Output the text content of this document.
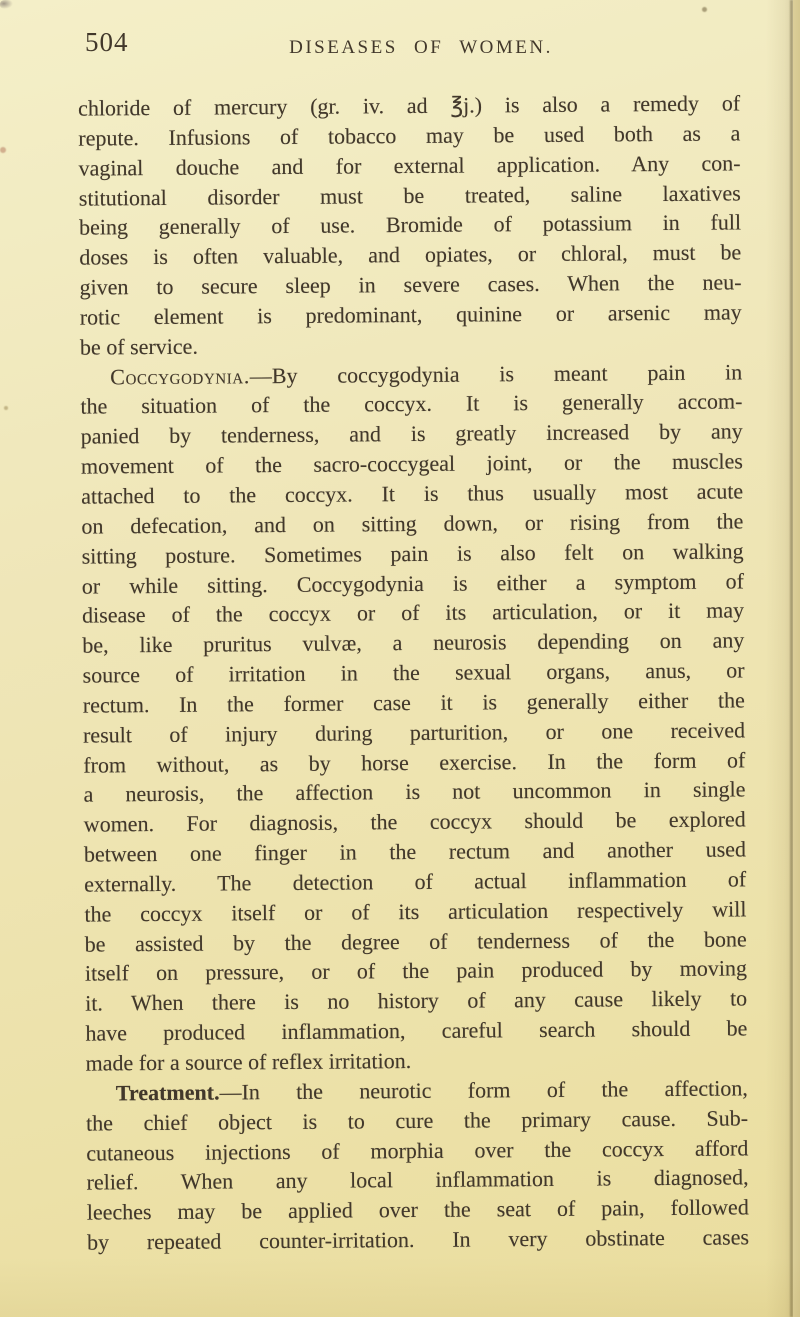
504	DISEASES OF WOMEN.
chloride of mercury (gr. iv. ad ℥j.) is also a remedy of
repute. Infusions of tobacco may be used both as a
vaginal douche and for external application. Any con-
stitutional disorder must be treated, saline laxatives
being generally of use. Bromide of potassium in full
doses is often valuable, and opiates, or chloral, must be
given to secure sleep in severe cases. When the neu-
rotic element is predominant, quinine or arsenic may
be of service.
Coccygodynia.—By coccygodynia is meant pain in
the situation of the coccyx. It is generally accom-
panied by tenderness, and is greatly increased by any
movement of the sacro-coccygeal joint, or the muscles
attached to the coccyx. It is thus usually most acute
on defecation, and on sitting down, or rising from the
sitting posture. Sometimes pain is also felt on walking
or while sitting. Coccygodynia is either a symptom of
disease of the coccyx or of its articulation, or it may
be, like pruritus vulvæ, a neurosis depending on any
source of irritation in the sexual organs, anus, or
rectum. In the former case it is generally either the
result of injury during parturition, or one received
from without, as by horse exercise. In the form of
a neurosis, the affection is not uncommon in single
women. For diagnosis, the coccyx should be explored
between one finger in the rectum and another used
externally. The detection of actual inflammation of
the coccyx itself or of its articulation respectively will
be assisted by the degree of tenderness of the bone
itself on pressure, or of the pain produced by moving
it. When there is no history of any cause likely to
have produced inflammation, careful search should be
made for a source of reflex irritation.
Treatment.—In the neurotic form of the affection,
the chief object is to cure the primary cause. Sub-
cutaneous injections of morphia over the coccyx afford
relief. When any local inflammation is diagnosed,
leeches may be applied over the seat of pain, followed
by repeated counter-irritation. In very obstinate cases
